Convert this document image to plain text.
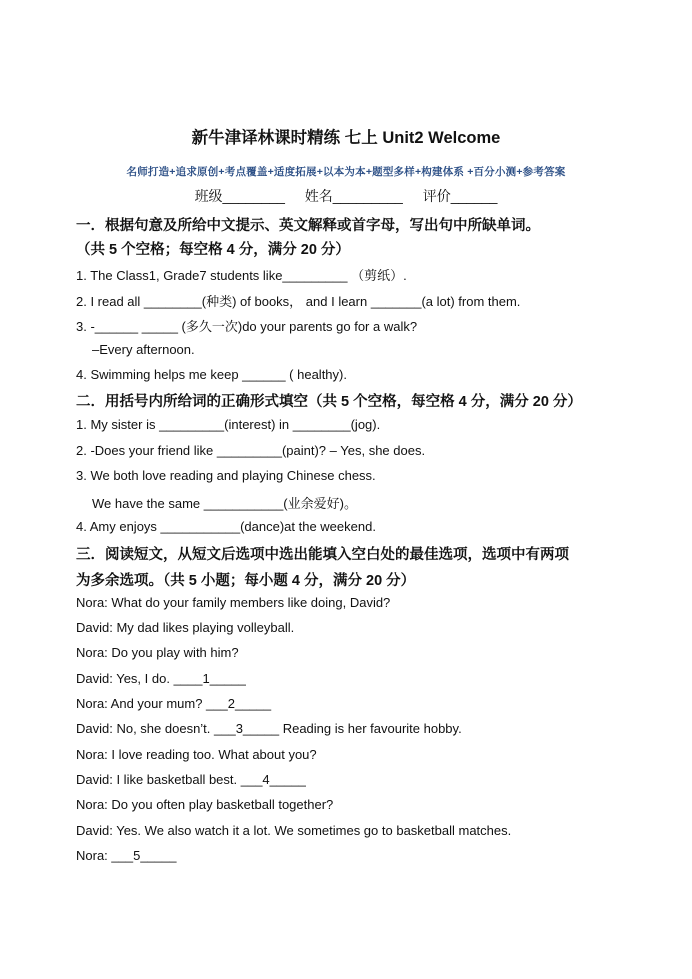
新牛津译林课时精练 七上 Unit2 Welcome
名师打造+追求原创+考点覆盖+适度拓展+以本为本+题型多样+构建体系 +百分小测+参考答案
班级________ 姓名_________ 评价______
一．根据句意及所给中文提示、英文解释或首字母，写出句中所缺单词。
（共 5 个空格；每空格 4 分，满分 20 分）
1. The Class1, Grade7 students like_________ （剪纸）.
2. I read all ________(种类) of books， and I learn _______(a lot) from them.
3. -______ _____ (多久一次)do your parents go for a walk?
–Every afternoon.
4. Swimming helps me keep ______ ( healthy).
二．用括号内所给词的正确形式填空（共 5 个空格，每空格 4 分，满分 20 分）
1. My sister is _________(interest) in ________(jog).
2. -Does your friend like _________(paint)? – Yes, she does.
3. We both love reading and playing Chinese chess.
We have the same ___________(业余爱好)。
4. Amy enjoys ___________(dance)at the weekend.
三．阅读短文，从短文后选项中选出能填入空白处的最佳选项，选项中有两项
为多余选项。（共 5 小题；每小题 4 分，满分 20 分）
Nora: What do your family members like doing, David?
David: My dad likes playing volleyball.
Nora: Do you play with him?
David: Yes, I do. ____1_____
Nora: And your mum? ___2_____
David: No, she doesn’t. ___3_____ Reading is her favourite hobby.
Nora: I love reading too. What about you?
David: I like basketball best. ___4_____
Nora: Do you often play basketball together?
David: Yes. We also watch it a lot. We sometimes go to basketball matches.
Nora: ___5_____
